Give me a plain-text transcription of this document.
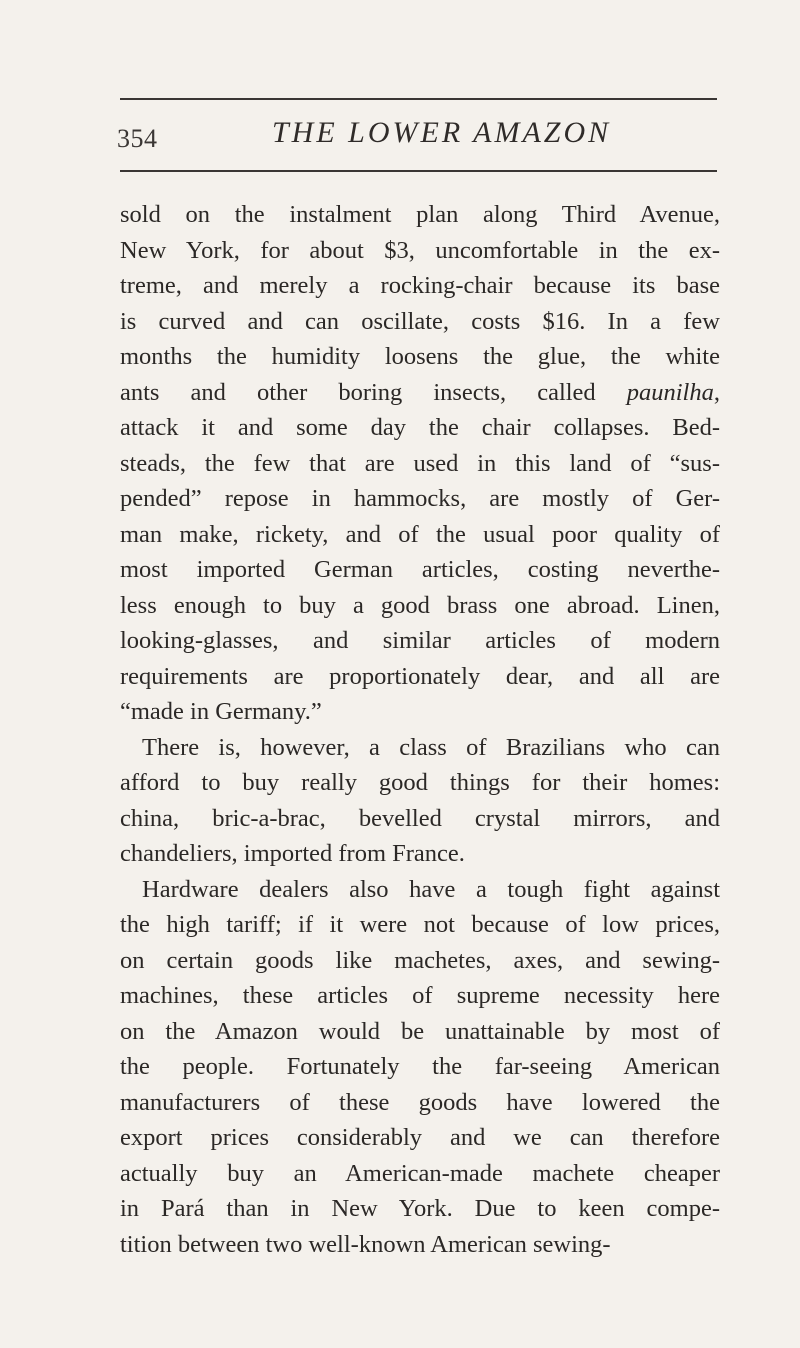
354	THE LOWER AMAZON
sold on the instalment plan along Third Avenue,
New York, for about $3, uncomfortable in the ex-
treme, and merely a rocking-chair because its base
is curved and can oscillate, costs $16. In a few
months the humidity loosens the glue, the white
ants and other boring insects, called paunilha,
attack it and some day the chair collapses. Bed-
steads, the few that are used in this land of “sus-
pended” repose in hammocks, are mostly of Ger-
man make, rickety, and of the usual poor quality of
most imported German articles, costing neverthe-
less enough to buy a good brass one abroad. Linen,
looking-glasses, and similar articles of modern
requirements are proportionately dear, and all are
“made in Germany.”
There is, however, a class of Brazilians who can
afford to buy really good things for their homes:
china, bric-a-brac, bevelled crystal mirrors, and
chandeliers, imported from France.
Hardware dealers also have a tough fight against
the high tariff; if it were not because of low prices,
on certain goods like machetes, axes, and sewing-
machines, these articles of supreme necessity here
on the Amazon would be unattainable by most of
the people. Fortunately the far-seeing American
manufacturers of these goods have lowered the
export prices considerably and we can therefore
actually buy an American-made machete cheaper
in Pará than in New York. Due to keen compe-
tition between two well-known American sewing-
